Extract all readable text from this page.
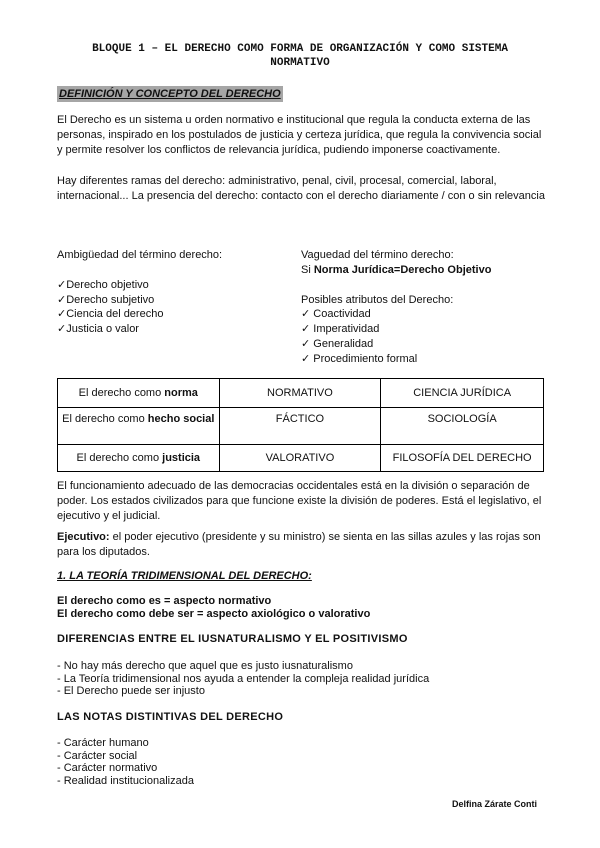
BLOQUE 1 – EL DERECHO COMO FORMA DE ORGANIZACIÓN Y COMO SISTEMA NORMATIVO
DEFINICIÓN Y CONCEPTO DEL DERECHO
El Derecho es un sistema u orden normativo e institucional que regula la conducta externa de las personas, inspirado en los postulados de justicia y certeza jurídica, que regula la convivencia social y permite resolver los conflictos de relevancia jurídica, pudiendo imponerse coactivamente.
Hay diferentes ramas del derecho: administrativo, penal, civil, procesal, comercial, laboral, internacional... La presencia del derecho: contacto con el derecho diariamente / con o sin relevancia
Ambigüedad del término derecho:
✓Derecho objetivo
✓Derecho subjetivo
✓Ciencia del derecho
✓Justicia o valor
Vaguedad del término derecho:
Si Norma Jurídica=Derecho Objetivo
Posibles atributos del Derecho:
✓ Coactividad
✓ Imperatividad
✓ Generalidad
✓ Procedimiento formal
El derecho como norma	NORMATIVO	CIENCIA JURÍDICA
El derecho como hecho social	FÁCTICO	SOCIOLOGÍA
El derecho como justicia	VALORATIVO	FILOSOFÍA DEL DERECHO
El funcionamiento adecuado de las democracias occidentales está en la división o separación de poder. Los estados civilizados para que funcione existe la división de poderes. Está el legislativo, el ejecutivo y el judicial.
Ejecutivo: el poder ejecutivo (presidente y su ministro) se sienta en las sillas azules y las rojas son para los diputados.
1. LA TEORÍA TRIDIMENSIONAL DEL DERECHO:
El derecho como es = aspecto normativo
El derecho como debe ser = aspecto axiológico o valorativo
DIFERENCIAS ENTRE EL IUSNATURALISMO Y EL POSITIVISMO
- No hay más derecho que aquel que es justo iusnaturalismo
- La Teoría tridimensional nos ayuda a entender la compleja realidad jurídica
- El Derecho puede ser injusto
LAS NOTAS DISTINTIVAS DEL DERECHO
- Carácter humano
- Carácter social
- Carácter normativo
- Realidad institucionalizada
Delfina Zárate Conti
